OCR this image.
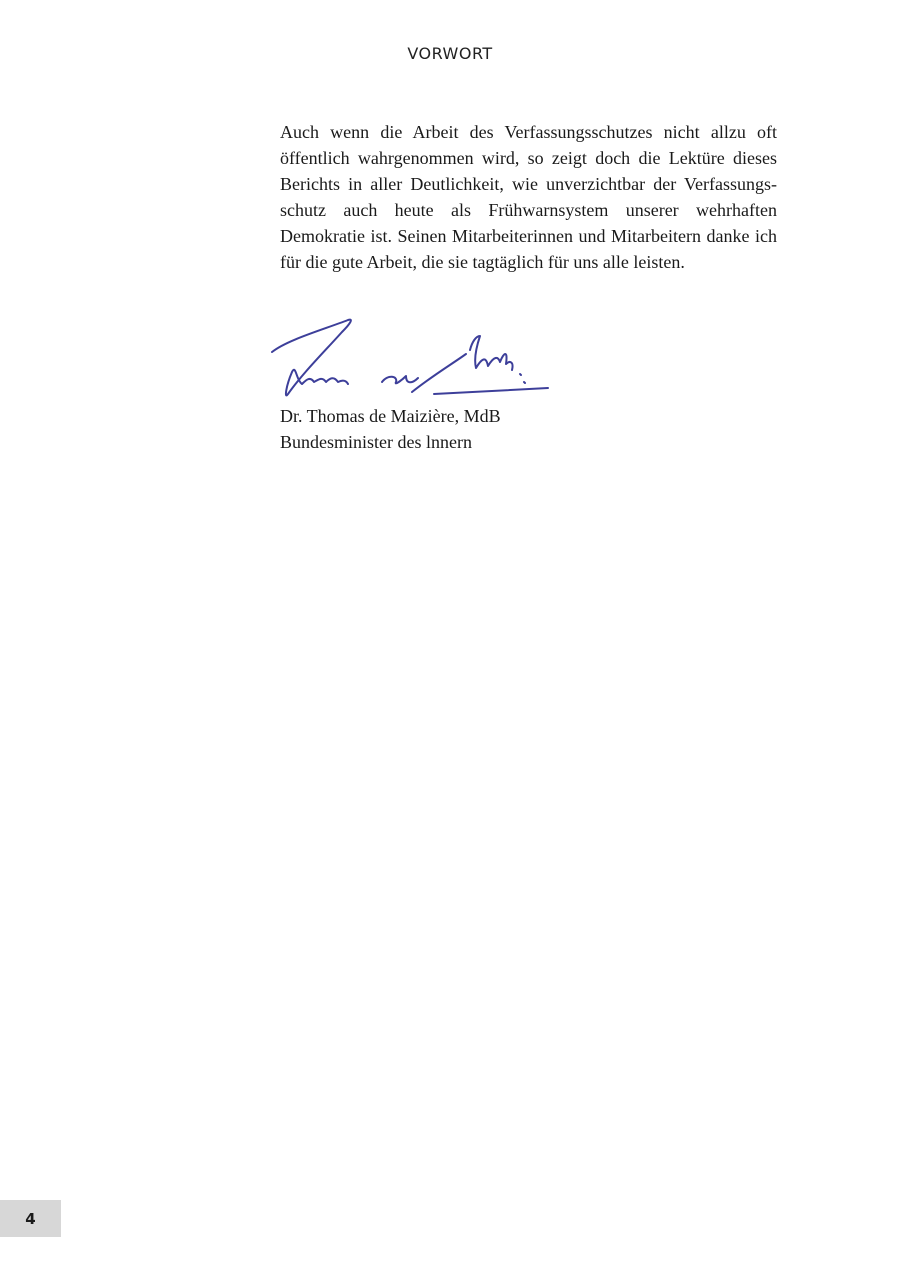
VORWORT

Auch wenn die Arbeit des Verfassungsschutzes nicht allzu oft öffentlich wahrgenommen wird, so zeigt doch die Lektüre dieses Berichts in aller Deutlichkeit, wie unverzichtbar der Verfassungsschutz auch heute als Frühwarnsystem unserer wehrhaften Demokratie ist. Seinen Mitarbeiterinnen und Mitarbeitern danke ich für die gute Arbeit, die sie tagtäglich für uns alle leisten.

Dr. Thomas de Maizière, MdB
Bundesminister des lnnern
4
